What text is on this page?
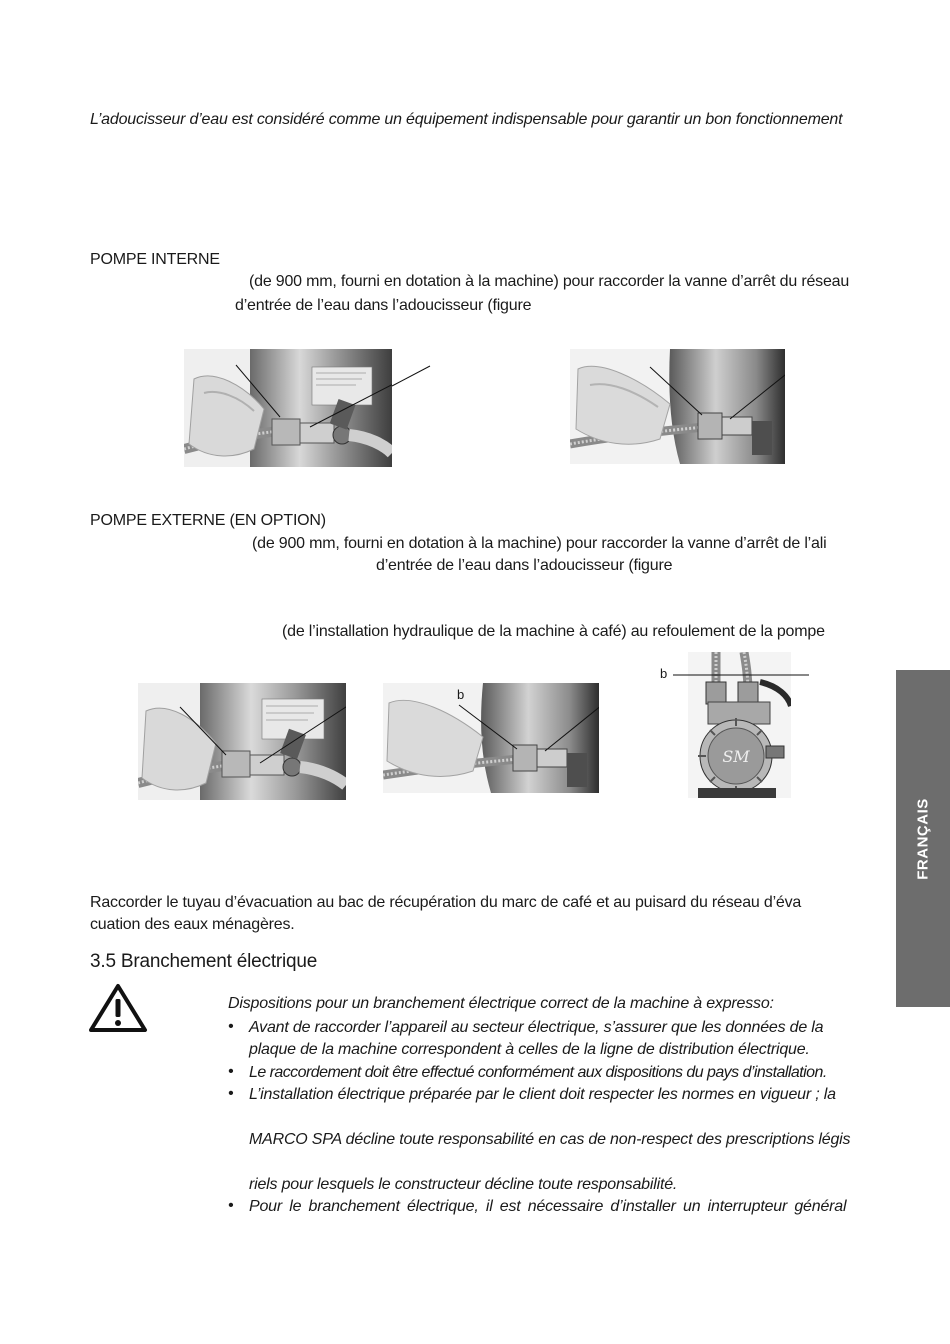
L’adoucisseur d’eau est considéré comme un équipement indispensable pour garantir un bon fonctionnement
POMPE INTERNE
(de 900 mm, fourni en dotation à la machine) pour raccorder la vanne d’arrêt du réseau
d’entrée de l’eau dans l’adoucisseur (figure
POMPE EXTERNE (EN OPTION)
(de 900 mm, fourni en dotation à la machine) pour raccorder la vanne d’arrêt de l’ali
d’entrée de l’eau dans l’adoucisseur (figure
(de l’installation hydraulique de la machine à café) au refoulement de la pompe
b
SM
b
Raccorder le tuyau d’évacuation au bac de récupération du marc de café et au puisard du réseau d’éva
cuation des eaux ménagères.
3.5 Branchement électrique
Dispositions pour un branchement électrique correct de la machine à expresso:
• Avant de raccorder l’appareil au secteur électrique, s’assurer que les données de la
plaque de la machine correspondent à celles de la ligne de distribution électrique.
• Le raccordement doit être effectué conformément aux dispositions du pays d’installation.
• L’installation électrique préparée par le client doit respecter les normes en vigueur ; la
MARCO SPA décline toute responsabilité en cas de non-respect des prescriptions légis
riels pour lesquels le constructeur décline toute responsabilité.
• Pour le branchement électrique, il est nécessaire d’installer un interrupteur général
FRANÇAIS
